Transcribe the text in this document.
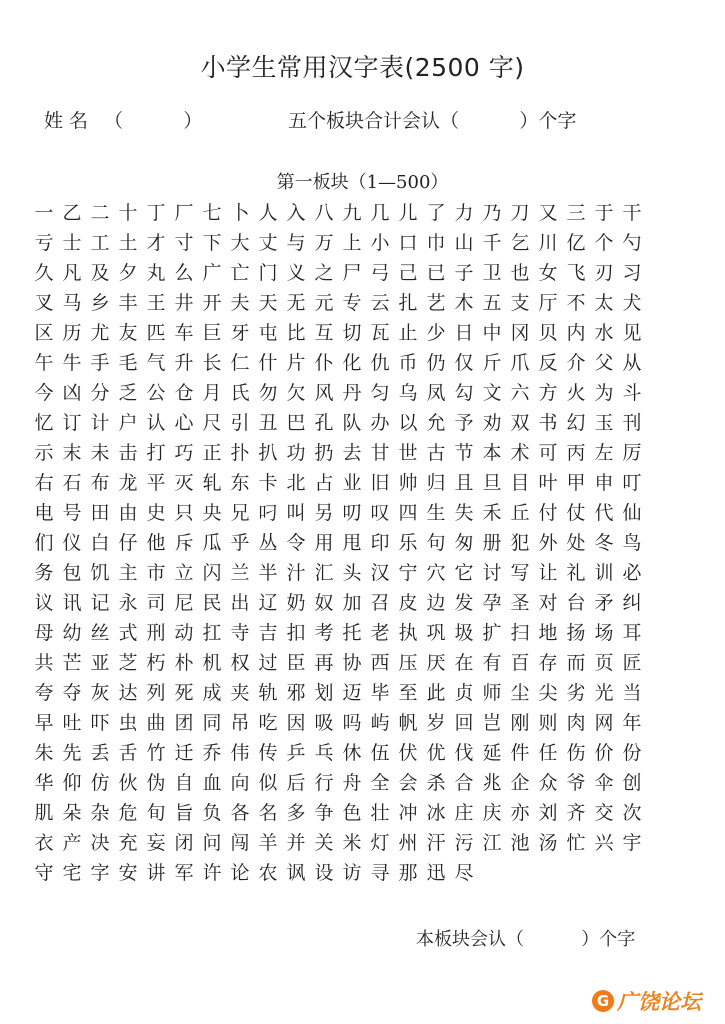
小学生常用汉字表(2500 字)
姓 名 （          ）	五个板块合计会认（          ）个字
第一板块（1—500）
一 乙 二 十 丁 厂 七 卜 人 入 八 九 几 儿 了 力 乃 刀 又 三 于 干
亏 士 工 土 才 寸 下 大 丈 与 万 上 小 口 巾 山 千 乞 川 亿 个 勺
久 凡 及 夕 丸 么 广 亡 门 义 之 尸 弓 己 已 子 卫 也 女 飞 刃 习
叉 马 乡 丰 王 井 开 夫 天 无 元 专 云 扎 艺 木 五 支 厅 不 太 犬
区 历 尤 友 匹 车 巨 牙 屯 比 互 切 瓦 止 少 日 中 冈 贝 内 水 见
午 牛 手 毛 气 升 长 仁 什 片 仆 化 仇 币 仍 仅 斤 爪 反 介 父 从
今 凶 分 乏 公 仓 月 氏 勿 欠 风 丹 匀 乌 凤 勾 文 六 方 火 为 斗
忆 订 计 户 认 心 尺 引 丑 巴 孔 队 办 以 允 予 劝 双 书 幻 玉 刊
示 末 未 击 打 巧 正 扑 扒 功 扔 去 甘 世 古 节 本 术 可 丙 左 厉
右 石 布 龙 平 灭 轧 东 卡 北 占 业 旧 帅 归 且 旦 目 叶 甲 申 叮
电 号 田 由 史 只 央 兄 叼 叫 另 叨 叹 四 生 失 禾 丘 付 仗 代 仙
们 仪 白 仔 他 斥 瓜 乎 丛 令 用 甩 印 乐 句 匆 册 犯 外 处 冬 鸟
务 包 饥 主 市 立 闪 兰 半 汁 汇 头 汉 宁 穴 它 讨 写 让 礼 训 必
议 讯 记 永 司 尼 民 出 辽 奶 奴 加 召 皮 边 发 孕 圣 对 台 矛 纠
母 幼 丝 式 刑 动 扛 寺 吉 扣 考 托 老 执 巩 圾 扩 扫 地 扬 场 耳
共 芒 亚 芝 朽 朴 机 权 过 臣 再 协 西 压 厌 在 有 百 存 而 页 匠
夸 夺 灰 达 列 死 成 夹 轨 邪 划 迈 毕 至 此 贞 师 尘 尖 劣 光 当
早 吐 吓 虫 曲 团 同 吊 吃 因 吸 吗 屿 帆 岁 回 岂 刚 则 肉 网 年
朱 先 丢 舌 竹 迁 乔 伟 传 乒 乓 休 伍 伏 优 伐 延 件 任 伤 价 份
华 仰 仿 伙 伪 自 血 向 似 后 行 舟 全 会 杀 合 兆 企 众 爷 伞 创
肌 朵 杂 危 旬 旨 负 各 名 多 争 色 壮 冲 冰 庄 庆 亦 刘 齐 交 次
衣 产 决 充 妄 闭 问 闯 羊 并 关 米 灯 州 汗 污 江 池 汤 忙 兴 宇
守 宅 字 安 讲 军 许 论 农 讽 设 访 寻 那 迅 尽
本板块会认（          ）个字
G 广饶论坛
